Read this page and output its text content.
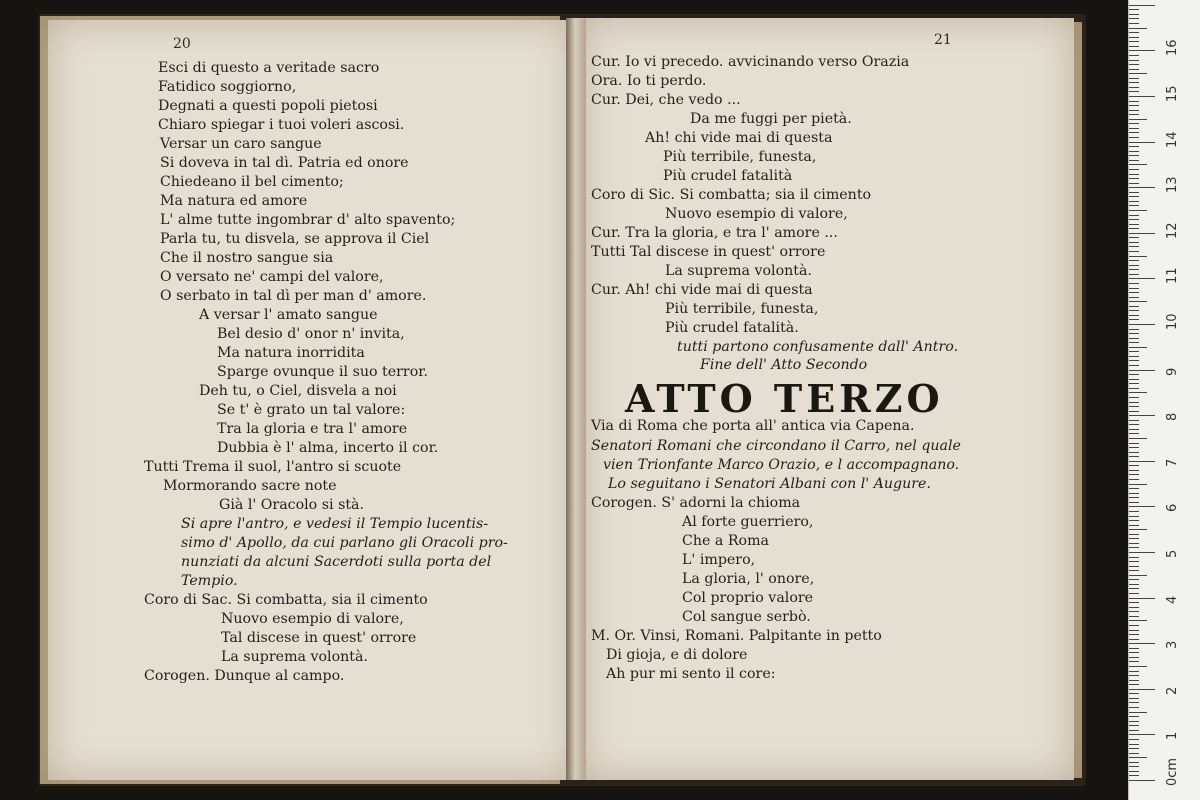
20
Esci di questo a veritade sacro
Fatidico soggiorno,
Degnati a questi popoli pietosi
Chiaro spiegar i tuoi voleri ascosi.
Versar un caro sangue
Si doveva in tal dì. Patria ed onore
Chiedeano il bel cimento;
Ma natura ed amore
L' alme tutte ingombrar d' alto spavento;
Parla tu, tu disvela, se approva il Ciel
Che il nostro sangue sia
O versato ne' campi del valore,
O serbato in tal dì per man d' amore.
A versar l' amato sangue
Bel desio d' onor n' invita,
Ma natura inorridita
Sparge ovunque il suo terror.
Deh tu, o Ciel, disvela a noi
Se t' è grato un tal valore:
Tra la gloria e tra l' amore
Dubbia è l' alma, incerto il cor.
Tutti Trema il suol, l'antro si scuote
Mormorando sacre note
Già l' Oracolo si stà.
Si apre l'antro, e vedesi il Tempio lucentis-
simo d' Apollo, da cui parlano gli Oracoli pro-
nunziati da alcuni Sacerdoti sulla porta del
Tempio.
Coro di Sac. Si combatta, sia il cimento
Nuovo esempio di valore,
Tal discese in quest' orrore
La suprema volontà.
Corogen. Dunque al campo.
21
Cur. Io vi precedo. avvicinando verso Orazia
Ora. Io ti perdo.
Cur. Dei, che vedo ...
Da me fuggi per pietà.
Ah! chi vide mai di questa
Più terribile, funesta,
Più crudel fatalità
Coro di Sic. Si combatta; sia il cimento
Nuovo esempio di valore,
Cur. Tra la gloria, e tra l' amore ...
Tutti Tal discese in quest' orrore
La suprema volontà.
Cur. Ah! chi vide mai di questa
Più terribile, funesta,
Più crudel fatalità.
tutti partono confusamente dall' Antro.
Fine dell' Atto Secondo
ATTO TERZO
Via di Roma che porta all' antica via Capena.
Senatori Romani che circondano il Carro, nel quale
vien Trionfante Marco Orazio, e l accompagnano.
Lo seguitano i Senatori Albani con l' Augure.
Corogen. S' adorni la chioma
Al forte guerriero,
Che a Roma
L' impero,
La gloria, l' onore,
Col proprio valore
Col sangue serbò.
M. Or. Vinsi, Romani. Palpitante in petto
Di gioja, e di dolore
Ah pur mi sento il core:
0cm
1
2
3
4
5
6
7
8
9
10
11
12
13
14
15
16
